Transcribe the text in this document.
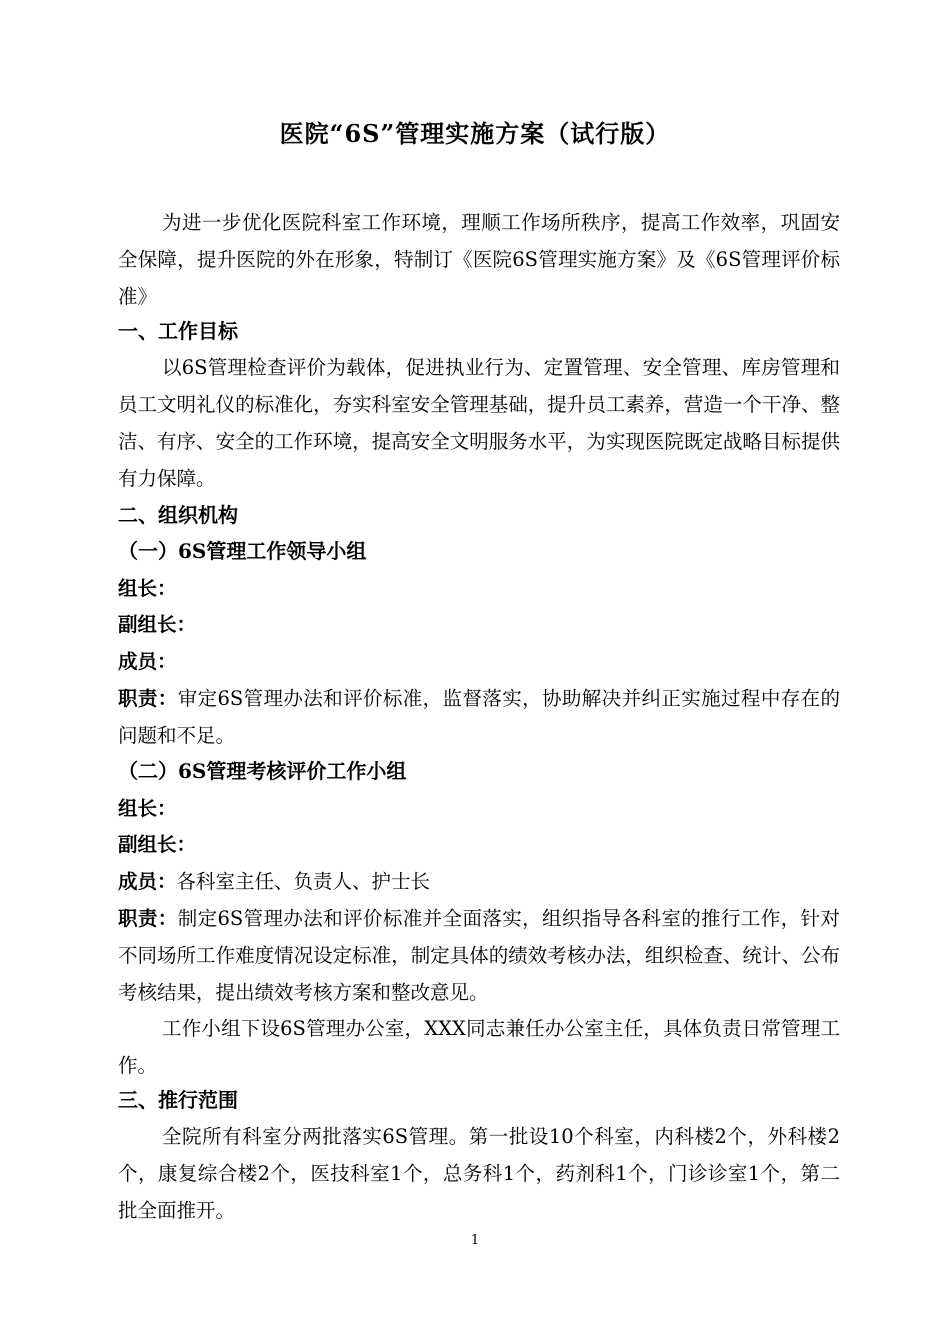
医院“6S”管理实施方案（试行版）

为进一步优化医院科室工作环境，理顺工作场所秩序，提高工作效率，巩固安全保障，提升医院的外在形象，特制订《医院6S管理实施方案》及《6S管理评价标准》

一、工作目标

以6S管理检查评价为载体，促进执业行为、定置管理、安全管理、库房管理和员工文明礼仪的标准化，夯实科室安全管理基础，提升员工素养，营造一个干净、整洁、有序、安全的工作环境，提高安全文明服务水平，为实现医院既定战略目标提供有力保障。

二、组织机构
（一）6S管理工作领导小组

组长：

副组长：

成员：

职责：审定6S管理办法和评价标准，监督落实，协助解决并纠正实施过程中存在的问题和不足。

（二）6S管理考核评价工作小组

组长：

副组长：

成员：各科室主任、负责人、护士长

职责：制定6S管理办法和评价标准并全面落实，组织指导各科室的推行工作，针对不同场所工作难度情况设定标准，制定具体的绩效考核办法，组织检查、统计、公布考核结果，提出绩效考核方案和整改意见。

工作小组下设6S管理办公室，XXX同志兼任办公室主任，具体负责日常管理工作。

三、推行范围

全院所有科室分两批落实6S管理。第一批设10个科室，内科楼2个，外科楼2个，康复综合楼2个，医技科室1个，总务科1个，药剂科1个，门诊诊室1个，第二批全面推开。

1
